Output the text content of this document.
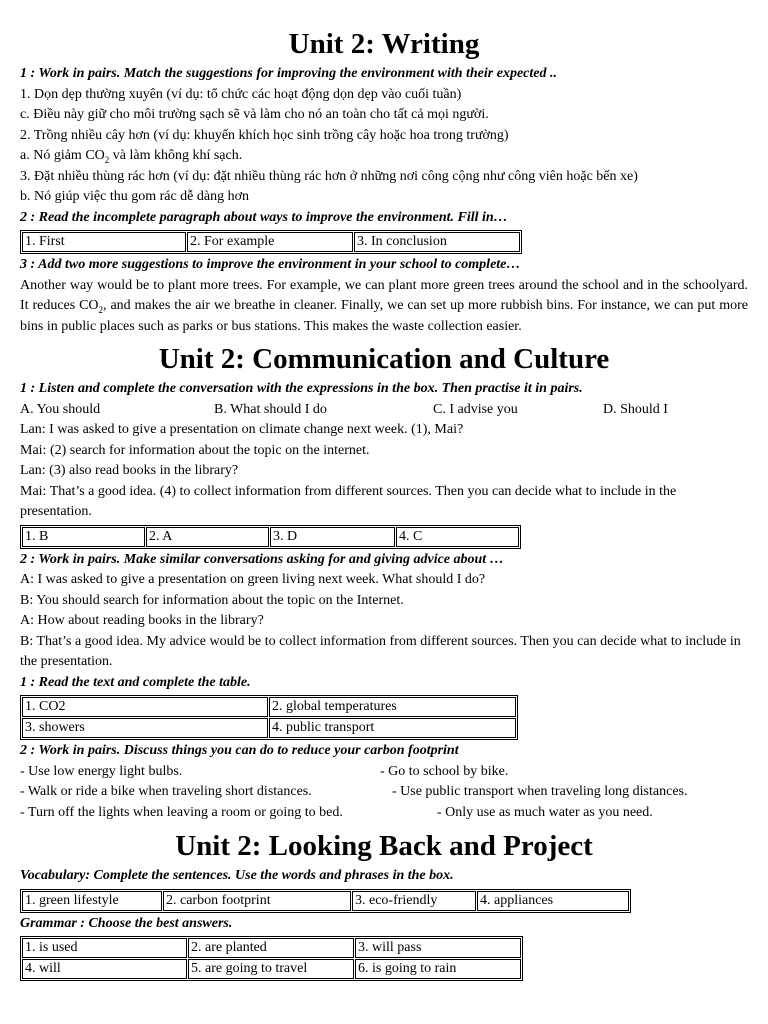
Unit 2: Writing

1 : Work in pairs. Match the suggestions for improving the environment with their expected ..

1. Dọn dẹp thường xuyên (ví dụ: tổ chức các hoạt động dọn dẹp vào cuối tuần)

c. Điều này giữ cho môi trường sạch sẽ và làm cho nó an toàn cho tất cả mọi người.

2. Trồng nhiều cây hơn (ví dụ: khuyến khích học sinh trồng cây hoặc hoa trong trường)

a. Nó giảm $CO_2$ và làm không khí sạch.

3. Đặt nhiều thùng rác hơn (ví dụ: đặt nhiều thùng rác hơn ở những nơi công cộng như công viên hoặc bến xe)

b. Nó giúp việc thu gom rác dễ dàng hơn

2 : Read the incomplete paragraph about ways to improve the environment. Fill in…

1. First	2. For example	3. In conclusion

3 : Add two more suggestions to improve the environment in your school to complete…

Another way would be to plant more trees. For example, we can plant more green trees around the school and in the schoolyard. It reduces $CO_2$, and makes the air we breathe in cleaner. Finally, we can set up more rubbish bins. For instance, we can put more bins in public places such as parks or bus stations. This makes the waste collection easier.

Unit 2: Communication and Culture

1 : Listen and complete the conversation with the expressions in the box. Then practise it in pairs.

A. You should	B. What should I do	C. I advise you	D. Should I

Lan: I was asked to give a presentation on climate change next week. (1), Mai?

Mai: (2) search for information about the topic on the internet.

Lan: (3) also read books in the library?

Mai: That’s a good idea. (4) to collect information from different sources. Then you can decide what to include in the presentation.

1. B	2. A	3. D	4. C

2 : Work in pairs. Make similar conversations asking for and giving advice about …

A: I was asked to give a presentation on green living next week. What should I do?

B: You should search for information about the topic on the Internet.

A: How about reading books in the library?

B: That’s a good idea. My advice would be to collect information from different sources. Then you can decide what to include in the presentation.

1 : Read the text and complete the table.

1. CO2	2. global temperatures
3. showers	4. public transport

2 : Work in pairs. Discuss things you can do to reduce your carbon footprint

- Use low energy light bulbs.	- Go to school by bike.
- Walk or ride a bike when traveling short distances.	- Use public transport when traveling long distances.
- Turn off the lights when leaving a room or going to bed.	- Only use as much water as you need.
Unit 2: Looking Back and Project

Vocabulary: Complete the sentences. Use the words and phrases in the box.

1. green lifestyle	2. carbon footprint	3. eco-friendly	4. appliances

Grammar : Choose the best answers.

1. is used	2. are planted	3. will pass
4. will	5. are going to travel	6. is going to rain
